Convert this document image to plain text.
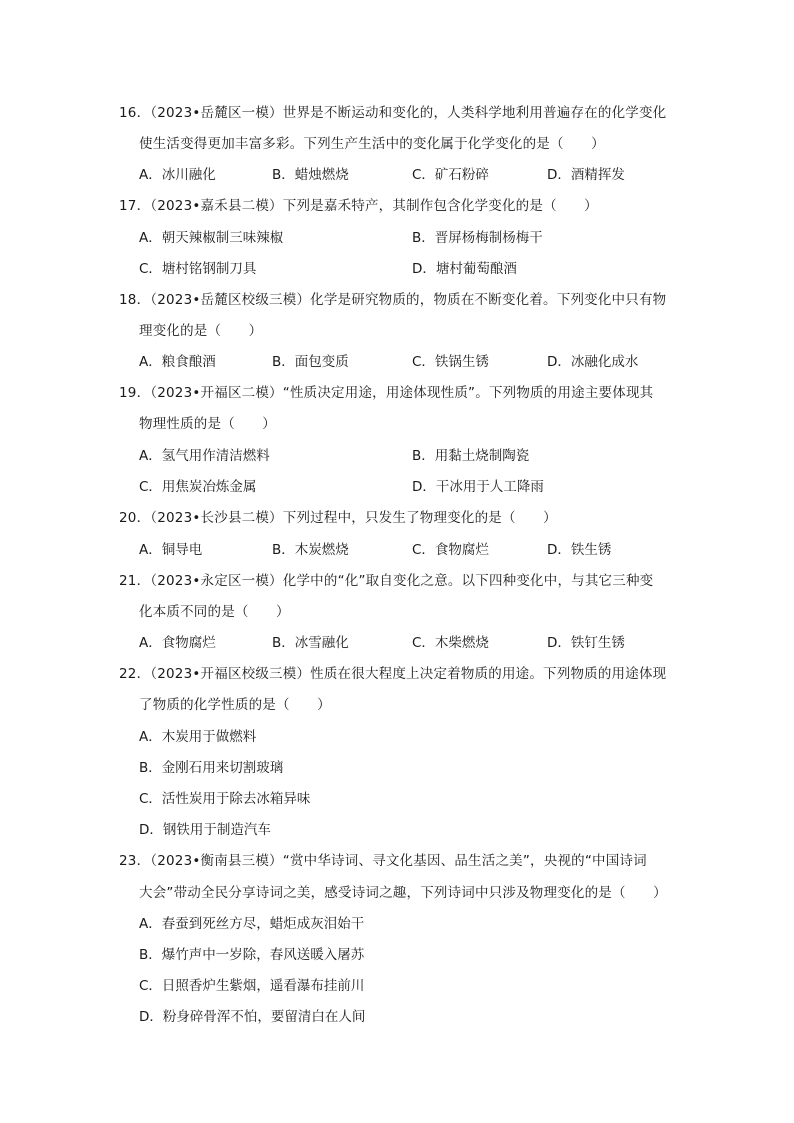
16．（2023•岳麓区一模）世界是不断运动和变化的，人类科学地利用普遍存在的化学变化
使生活变得更加丰富多彩。下列生产生活中的变化属于化学变化的是（　　）
A．冰川融化	B．蜡烛燃烧	C．矿石粉碎	D．酒精挥发
17．（2023•嘉禾县二模）下列是嘉禾特产，其制作包含化学变化的是（　　）
A．朝天辣椒制三味辣椒	B．晋屏杨梅制杨梅干
C．塘村铭钢制刀具	D．塘村葡萄酿酒
18．（2023•岳麓区校级三模）化学是研究物质的，物质在不断变化着。下列变化中只有物
理变化的是（　　）
A．粮食酿酒	B．面包变质	C．铁锅生锈	D．冰融化成水
19．（2023•开福区二模）“性质决定用途，用途体现性质”。下列物质的用途主要体现其
物理性质的是（　　）
A．氢气用作清洁燃料	B．用黏土烧制陶瓷
C．用焦炭冶炼金属	D．干冰用于人工降雨
20．（2023•长沙县二模）下列过程中，只发生了物理变化的是（　　）
A．铜导电	B．木炭燃烧	C．食物腐烂	D．铁生锈
21．（2023•永定区一模）化学中的“化”取自变化之意。以下四种变化中，与其它三种变
化本质不同的是（　　）
A．食物腐烂	B．冰雪融化	C．木柴燃烧	D．铁钉生锈
22．（2023•开福区校级三模）性质在很大程度上决定着物质的用途。下列物质的用途体现
了物质的化学性质的是（　　）
A．木炭用于做燃料
B．金刚石用来切割玻璃
C．活性炭用于除去冰箱异味
D．钢铁用于制造汽车
23．（2023•衡南县三模）“赏中华诗词、寻文化基因、品生活之美”，央视的“中国诗词
大会”带动全民分享诗词之美，感受诗词之趣，下列诗词中只涉及物理变化的是（　　）
A．春蚕到死丝方尽，蜡炬成灰泪始干
B．爆竹声中一岁除，春风送暖入屠苏
C．日照香炉生紫烟，遥看瀑布挂前川
D．粉身碎骨浑不怕，要留清白在人间
